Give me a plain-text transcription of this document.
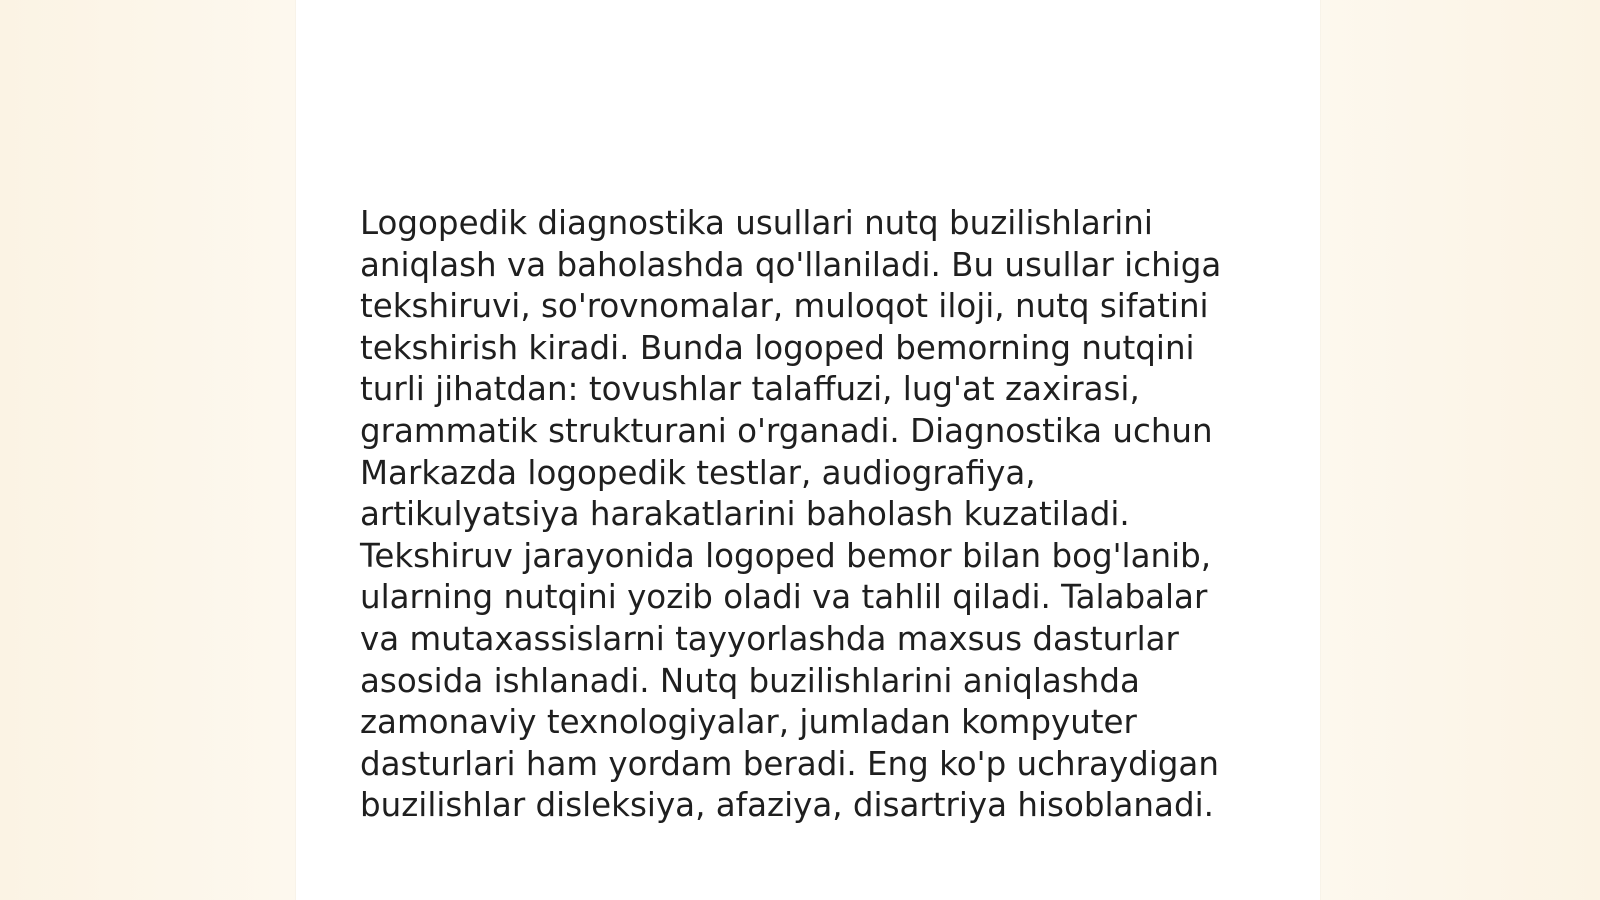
Logopedik diagnostika usullari nutq buzilishlarini
aniqlash va baholashda qo'llaniladi. Bu usullar ichiga
tekshiruvi, so'rovnomalar, muloqot iloji, nutq sifatini
tekshirish kiradi. Bunda logoped bemorning nutqini
turli jihatdan: tovushlar talaffuzi, lug'at zaxirasi,
grammatik strukturani o'rganadi. Diagnostika uchun
Markazda logopedik testlar, audiografiya,
artikulyatsiya harakatlarini baholash kuzatiladi.
Tekshiruv jarayonida logoped bemor bilan bog'lanib,
ularning nutqini yozib oladi va tahlil qiladi. Talabalar
va mutaxassislarni tayyorlashda maxsus dasturlar
asosida ishlanadi. Nutq buzilishlarini aniqlashda
zamonaviy texnologiyalar, jumladan kompyuter
dasturlari ham yordam beradi. Eng ko'p uchraydigan
buzilishlar disleksiya, afaziya, disartriya hisoblanadi.
